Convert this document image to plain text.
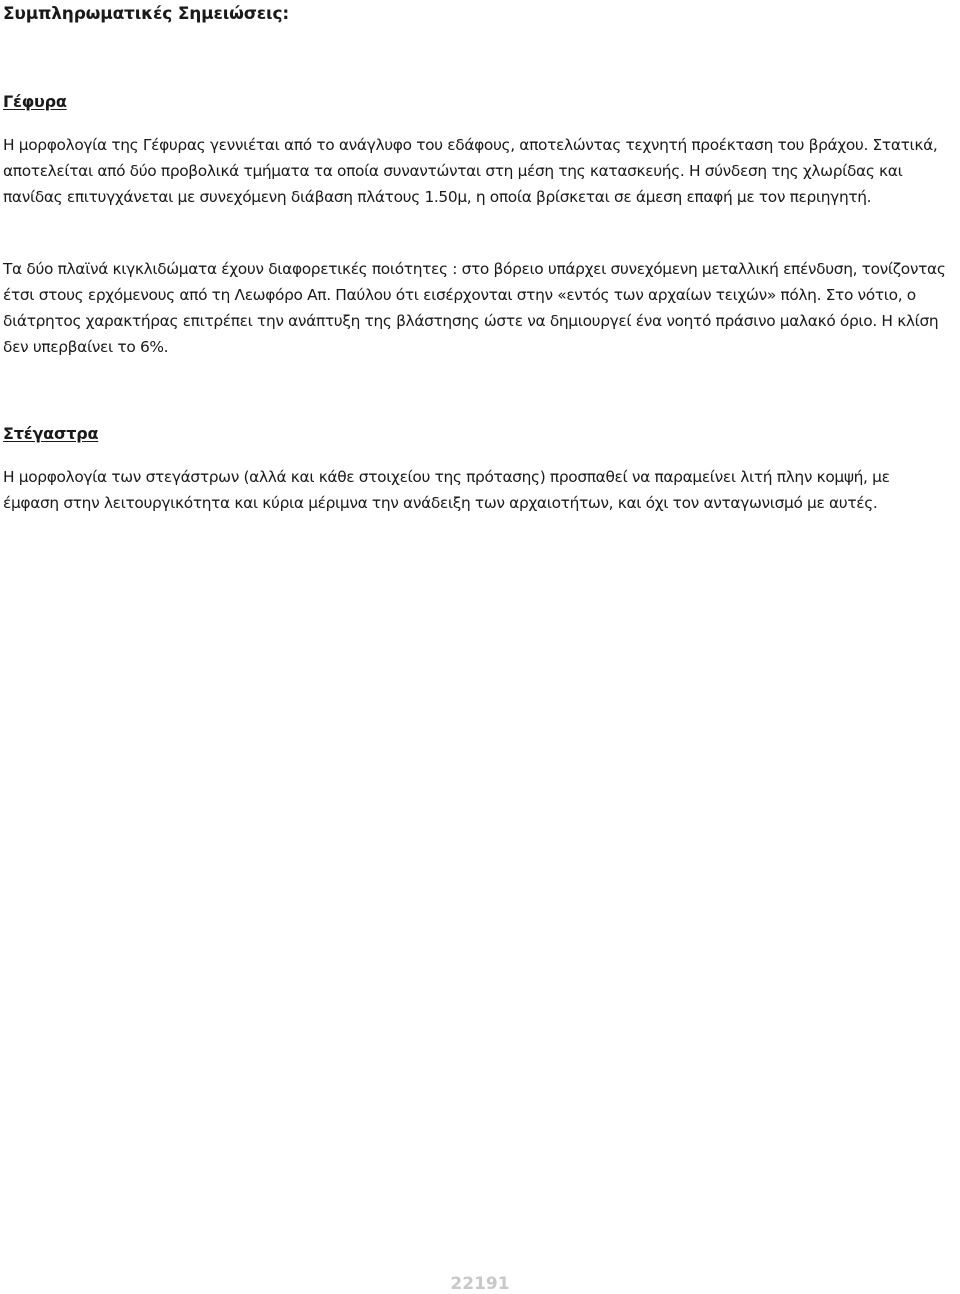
Συμπληρωματικές Σημειώσεις:
Γέφυρα

Η μορφολογία της Γέφυρας γεννιέται από το ανάγλυφο του εδάφους, αποτελώντας τεχνητή προέκταση του βράχου. Στατικά, αποτελείται από δύο προβολικά τμήματα τα οποία συναντώνται στη μέση της κατασκευής. Η σύνδεση της χλωρίδας και πανίδας επιτυγχάνεται με συνεχόμενη διάβαση πλάτους 1.50μ, η οποία βρίσκεται σε άμεση επαφή με τον περιηγητή.

Τα δύο πλαϊνά κιγκλιδώματα έχουν διαφορετικές ποιότητες : στο βόρειο υπάρχει συνεχόμενη μεταλλική επένδυση, τονίζοντας έτσι στους ερχόμενους από τη Λεωφόρο Απ. Παύλου ότι εισέρχονται στην «εντός των αρχαίων τειχών» πόλη. Στο νότιο, ο διάτρητος χαρακτήρας επιτρέπει την ανάπτυξη της βλάστησης ώστε να δημιουργεί ένα νοητό πράσινο μαλακό όριο. Η κλίση δεν υπερβαίνει το 6%.

Στέγαστρα

Η μορφολογία των στεγάστρων (αλλά και κάθε στοιχείου της πρότασης) προσπαθεί να παραμείνει λιτή πλην κομψή, με έμφαση στην λειτουργικότητα και κύρια μέριμνα την ανάδειξη των αρχαιοτήτων, και όχι τον ανταγωνισμό με αυτές.

22191
